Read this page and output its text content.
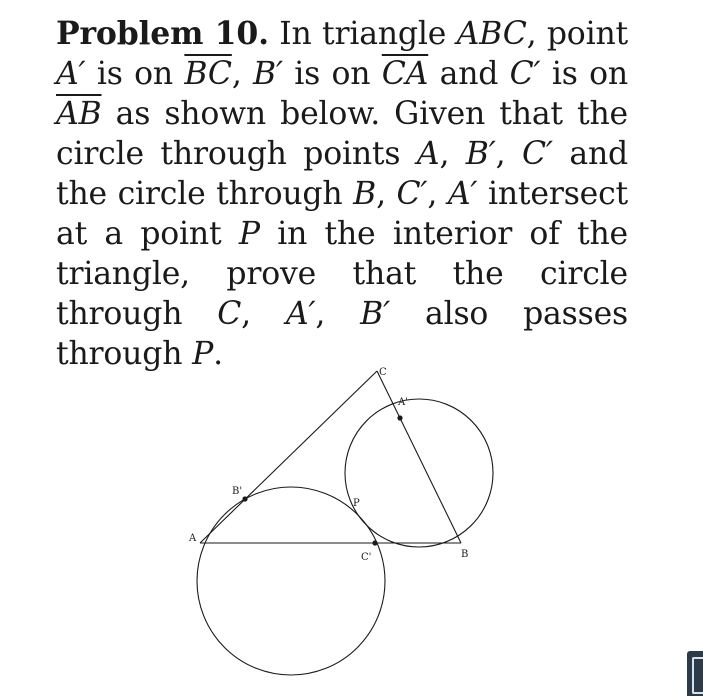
Problem 10. In triangle ABC, point A′ is on $\overline{BC}$, B′ is on $\overline{CA}$ and C′ is on $\overline{AB}$ as shown below. Given that the circle through points A, B′, C′ and the circle through B, C′, A′ intersect at a point P in the interior of the triangle, prove that the circle through C, A′, B′ also passes through P.
A
B
C
A'
B'
C'
P
